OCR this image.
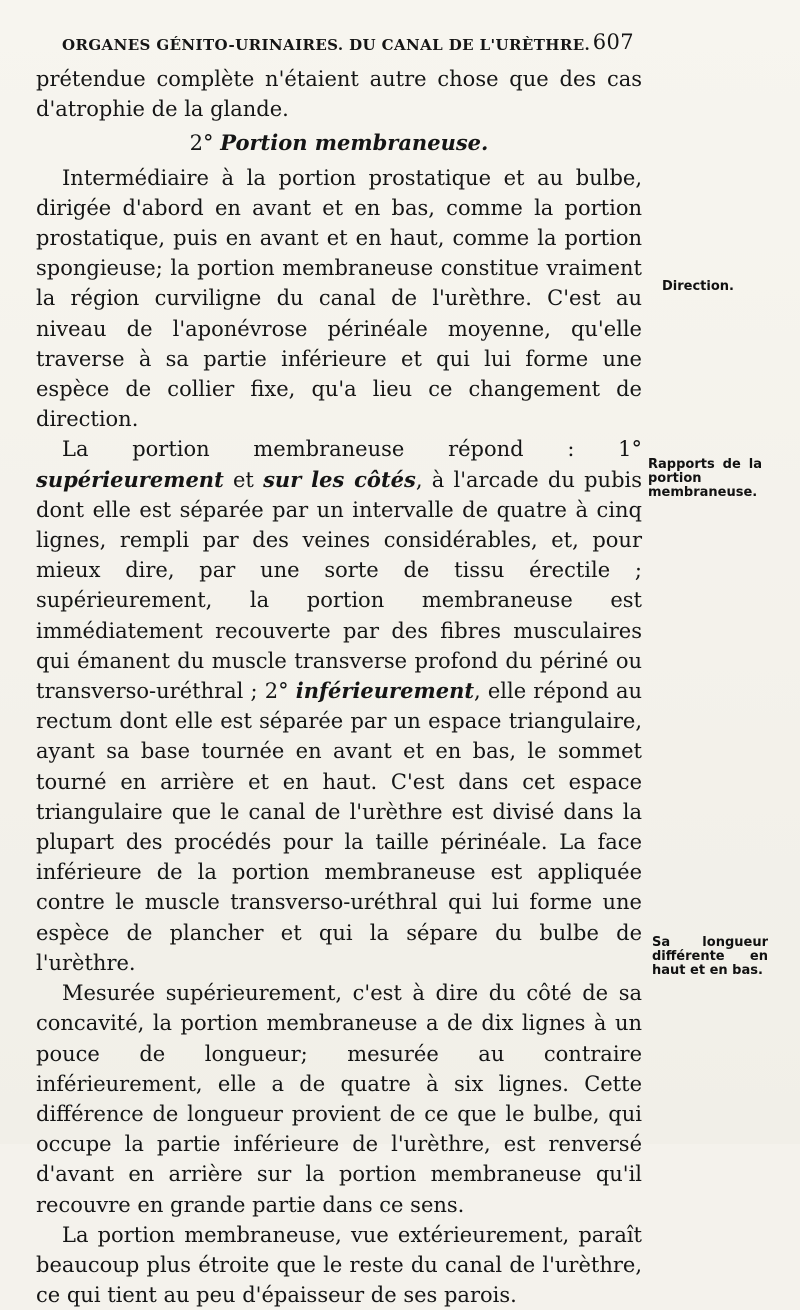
ORGANES GÉNITO-URINAIRES. DU CANAL DE L'URÈTHRE. 607

prétendue complète n'étaient autre chose que des cas d'atrophie de la glande.

2° Portion membraneuse.

Intermédiaire à la portion prostatique et au bulbe, dirigée d'abord en avant et en bas, comme la portion prostatique, puis en avant et en haut, comme la portion spongieuse; la portion membraneuse constitue vraiment la région curviligne du canal de l'urèthre. C'est au niveau de l'aponévrose périnéale moyenne, qu'elle traverse à sa partie inférieure et qui lui forme une espèce de collier fixe, qu'a lieu ce changement de direction.

La portion membraneuse répond : 1° supérieurement et sur les côtés, à l'arcade du pubis dont elle est séparée par un intervalle de quatre à cinq lignes, rempli par des veines considérables, et, pour mieux dire, par une sorte de tissu érectile ; supérieurement, la portion membraneuse est immédiatement recouverte par des fibres musculaires qui émanent du muscle transverse profond du périné ou transverso-uréthral ; 2° inférieurement, elle répond au rectum dont elle est séparée par un espace triangulaire, ayant sa base tournée en avant et en bas, le sommet tourné en arrière et en haut. C'est dans cet espace triangulaire que le canal de l'urèthre est divisé dans la plupart des procédés pour la taille périnéale. La face inférieure de la portion membraneuse est appliquée contre le muscle transverso-uréthral qui lui forme une espèce de plancher et qui la sépare du bulbe de l'urèthre.

Mesurée supérieurement, c'est à dire du côté de sa concavité, la portion membraneuse a de dix lignes à un pouce de longueur; mesurée au contraire inférieurement, elle a de quatre à six lignes. Cette différence de longueur provient de ce que le bulbe, qui occupe la partie inférieure de l'urèthre, est renversé d'avant en arrière sur la portion membraneuse qu'il recouvre en grande partie dans ce sens.

La portion membraneuse, vue extérieurement, paraît beaucoup plus étroite que le reste du canal de l'urèthre, ce qui tient au peu d'épaisseur de ses parois.

Direction.
Rapports de la portion membraneuse.
Sa longueur différente en haut et en bas.
